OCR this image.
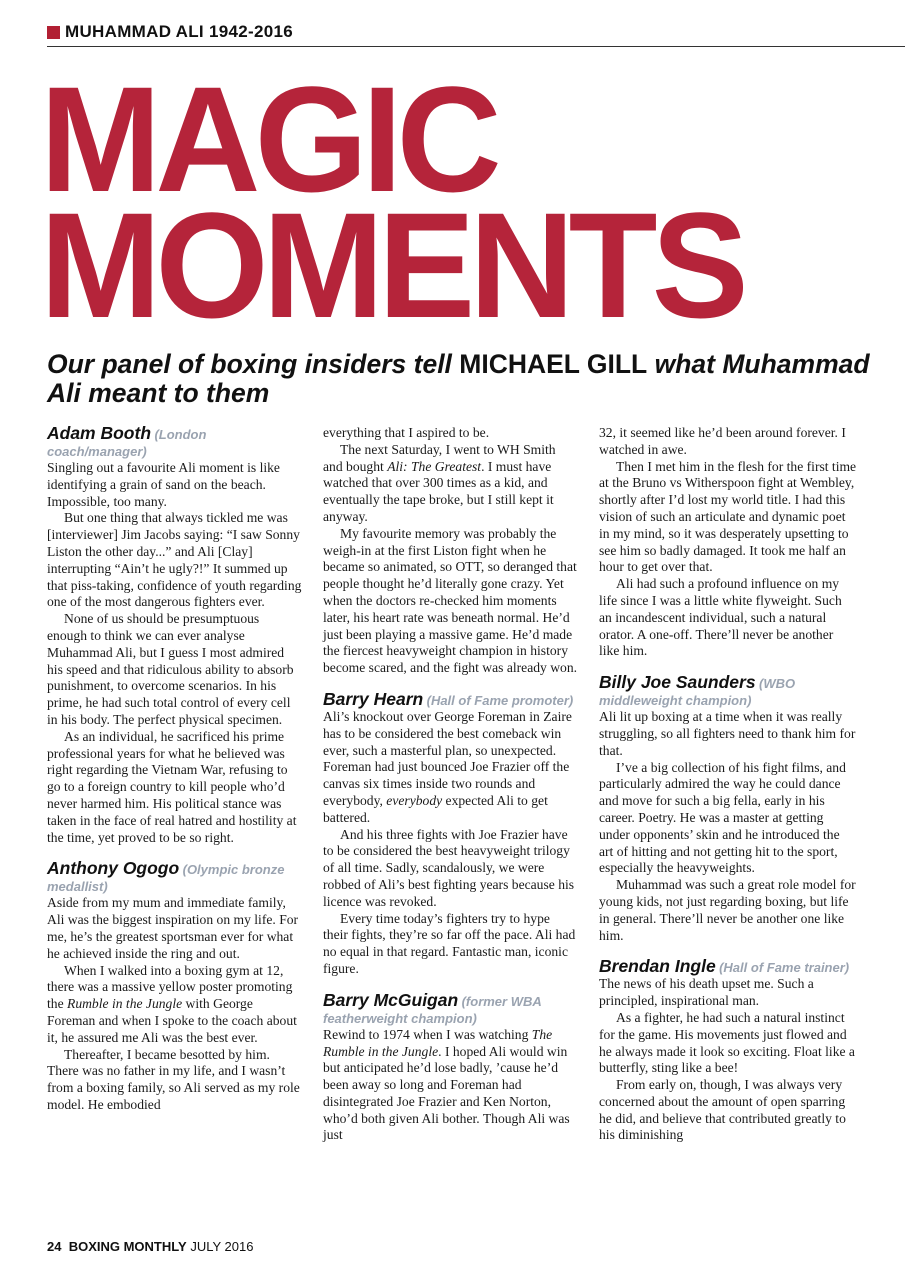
MUHAMMAD ALI 1942-2016
MAGIC
MOMENTS
Our panel of boxing insiders tell MICHAEL GILL what Muhammad Ali meant to them
Adam Booth (London coach/manager)

Singling out a favourite Ali moment is like identifying a grain of sand on the beach. Impossible, too many.

But one thing that always tickled me was [interviewer] Jim Jacobs saying: “I saw Sonny Liston the other day...” and Ali [Clay] interrupting “Ain’t he ugly?!” It summed up that piss-taking, confidence of youth regarding one of the most dangerous fighters ever.

None of us should be presumptuous enough to think we can ever analyse Muhammad Ali, but I guess I most admired his speed and that ridiculous ability to absorb punishment, to overcome scenarios. In his prime, he had such total control of every cell in his body. The perfect physical specimen.

As an individual, he sacrificed his prime professional years for what he believed was right regarding the Vietnam War, refusing to go to a foreign country to kill people who’d never harmed him. His political stance was taken in the face of real hatred and hostility at the time, yet proved to be so right.

Anthony Ogogo (Olympic bronze medallist)

Aside from my mum and immediate family, Ali was the biggest inspiration on my life. For me, he’s the greatest sportsman ever for what he achieved inside the ring and out.

When I walked into a boxing gym at 12, there was a massive yellow poster promoting the Rumble in the Jungle with George Foreman and when I spoke to the coach about it, he assured me Ali was the best ever.

Thereafter, I became besotted by him. There was no father in my life, and I wasn’t from a boxing family, so Ali served as my role model. He embodied

everything that I aspired to be.

The next Saturday, I went to WH Smith and bought Ali: The Greatest. I must have watched that over 300 times as a kid, and eventually the tape broke, but I still kept it anyway.

My favourite memory was probably the weigh-in at the first Liston fight when he became so animated, so OTT, so deranged that people thought he’d literally gone crazy. Yet when the doctors re-checked him moments later, his heart rate was beneath normal. He’d just been playing a massive game. He’d made the fiercest heavyweight champion in history become scared, and the fight was already won.

Barry Hearn (Hall of Fame promoter)

Ali’s knockout over George Foreman in Zaire has to be considered the best comeback win ever, such a masterful plan, so unexpected. Foreman had just bounced Joe Frazier off the canvas six times inside two rounds and everybody, everybody expected Ali to get battered.

And his three fights with Joe Frazier have to be considered the best heavyweight trilogy of all time. Sadly, scandalously, we were robbed of Ali’s best fighting years because his licence was revoked.

Every time today’s fighters try to hype their fights, they’re so far off the pace. Ali had no equal in that regard. Fantastic man, iconic figure.

Barry McGuigan (former WBA featherweight champion)

Rewind to 1974 when I was watching The Rumble in the Jungle. I hoped Ali would win but anticipated he’d lose badly, ’cause he’d been away so long and Foreman had disintegrated Joe Frazier and Ken Norton, who’d both given Ali bother. Though Ali was just

32, it seemed like he’d been around forever. I watched in awe.

Then I met him in the flesh for the first time at the Bruno vs Witherspoon fight at Wembley, shortly after I’d lost my world title. I had this vision of such an articulate and dynamic poet in my mind, so it was desperately upsetting to see him so badly damaged. It took me half an hour to get over that.

Ali had such a profound influence on my life since I was a little white flyweight. Such an incandescent individual, such a natural orator. A one-off. There’ll never be another like him.

Billy Joe Saunders (WBO middleweight champion)

Ali lit up boxing at a time when it was really struggling, so all fighters need to thank him for that.

I’ve a big collection of his fight films, and particularly admired the way he could dance and move for such a big fella, early in his career. Poetry. He was a master at getting under opponents’ skin and he introduced the art of hitting and not getting hit to the sport, especially the heavyweights.

Muhammad was such a great role model for young kids, not just regarding boxing, but life in general. There’ll never be another one like him.

Brendan Ingle (Hall of Fame trainer)

The news of his death upset me. Such a principled, inspirational man.

As a fighter, he had such a natural instinct for the game. His movements just flowed and he always made it look so exciting. Float like a butterfly, sting like a bee!

From early on, though, I was always very concerned about the amount of open sparring he did, and believe that contributed greatly to his diminishing

24 BOXING MONTHLY JULY 2016
